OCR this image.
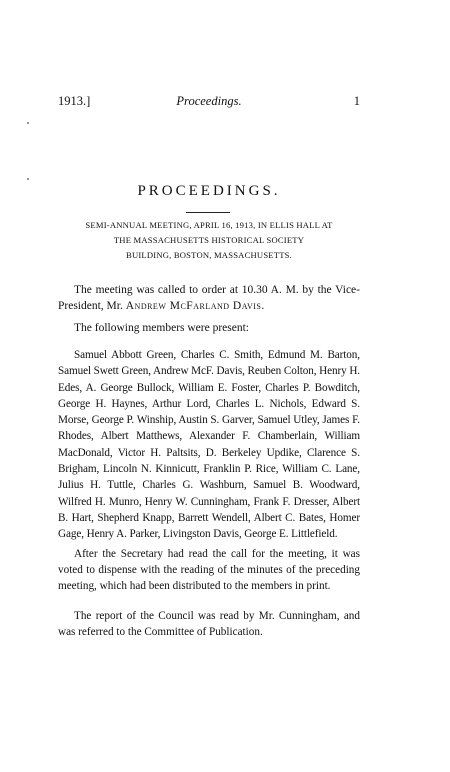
1913.]	Proceedings.	1
PROCEEDINGS.
SEMI-ANNUAL MEETING, APRIL 16, 1913, IN ELLIS HALL AT
THE MASSACHUSETTS HISTORICAL SOCIETY
BUILDING, BOSTON, MASSACHUSETTS.

The meeting was called to order at 10.30 A. M. by the Vice-President, Mr. Andrew McFarland Davis.

The following members were present:

Samuel Abbott Green, Charles C. Smith, Edmund M. Barton, Samuel Swett Green, Andrew McF. Davis, Reuben Colton, Henry H. Edes, A. George Bullock, William E. Foster, Charles P. Bowditch, George H. Haynes, Arthur Lord, Charles L. Nichols, Edward S. Morse, George P. Winship, Austin S. Garver, Samuel Utley, James F. Rhodes, Albert Matthews, Alexander F. Chamberlain, William MacDonald, Victor H. Paltsits, D. Berkeley Updike, Clarence S. Brigham, Lincoln N. Kinnicutt, Franklin P. Rice, William C. Lane, Julius H. Tuttle, Charles G. Washburn, Samuel B. Woodward, Wilfred H. Munro, Henry W. Cunningham, Frank F. Dresser, Albert B. Hart, Shepherd Knapp, Barrett Wendell, Albert C. Bates, Homer Gage, Henry A. Parker, Livingston Davis, George E. Littlefield.

After the Secretary had read the call for the meeting, it was voted to dispense with the reading of the minutes of the preceding meeting, which had been distributed to the members in print.

The report of the Council was read by Mr. Cunningham, and was referred to the Committee of Publication.
